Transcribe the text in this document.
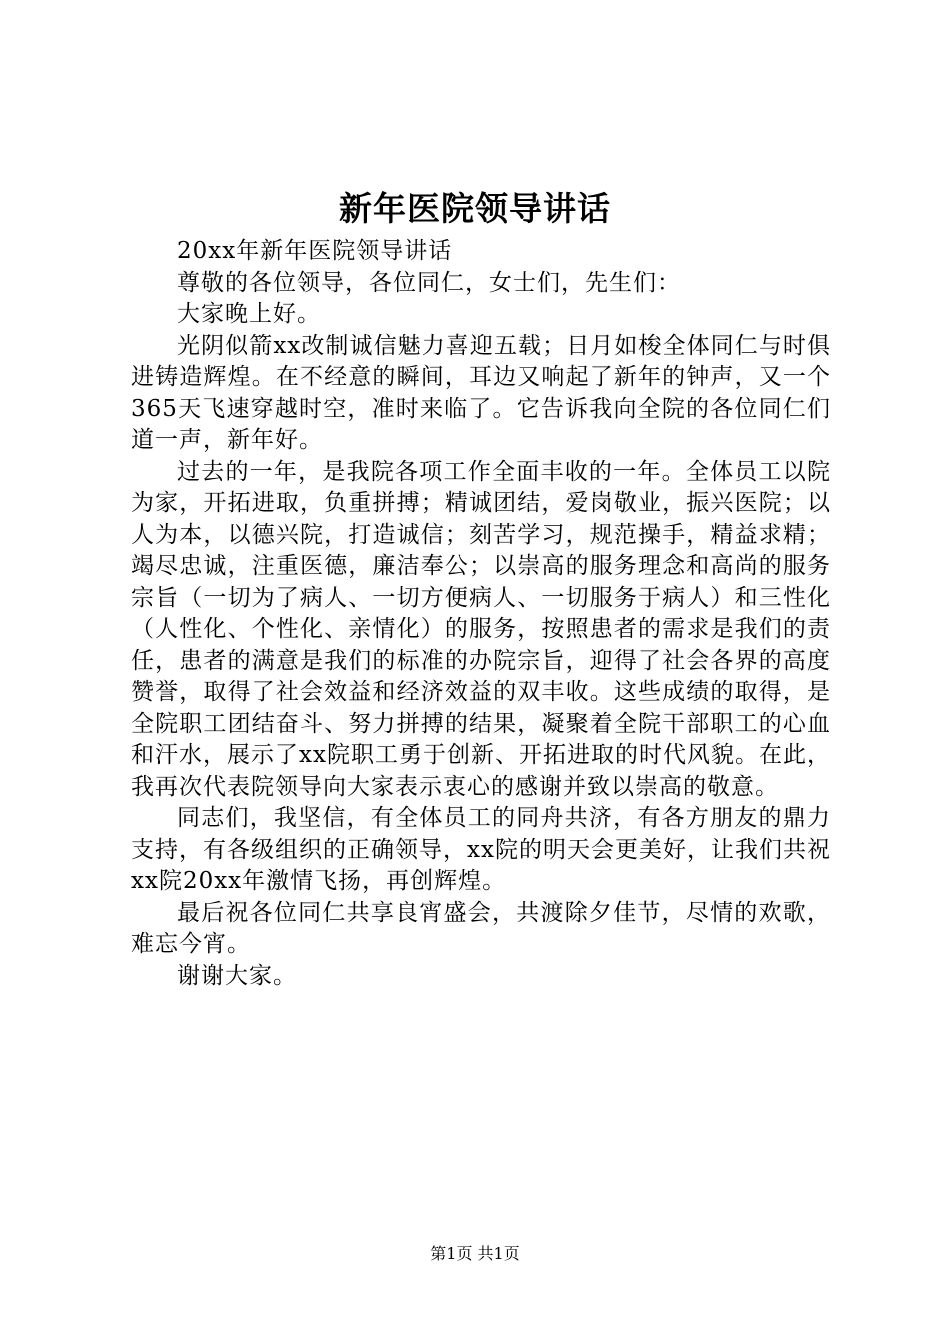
新年医院领导讲话

20xx年新年医院领导讲话

尊敬的各位领导，各位同仁，女士们，先生们：

大家晚上好。

光阴似箭xx改制诚信魅力喜迎五载；日月如梭全体同仁与时俱进铸造辉煌。在不经意的瞬间，耳边又响起了新年的钟声，又一个365天飞速穿越时空，准时来临了。它告诉我向全院的各位同仁们道一声，新年好。

过去的一年，是我院各项工作全面丰收的一年。全体员工以院为家，开拓进取，负重拼搏；精诚团结，爱岗敬业，振兴医院；以人为本，以德兴院，打造诚信；刻苦学习，规范操手，精益求精；竭尽忠诚，注重医德，廉洁奉公；以崇高的服务理念和高尚的服务宗旨（一切为了病人、一切方便病人、一切服务于病人）和三性化（人性化、个性化、亲情化）的服务，按照患者的需求是我们的责任，患者的满意是我们的标准的办院宗旨，迎得了社会各界的高度赞誉，取得了社会效益和经济效益的双丰收。这些成绩的取得，是全院职工团结奋斗、努力拼搏的结果，凝聚着全院干部职工的心血和汗水，展示了xx院职工勇于创新、开拓进取的时代风貌。在此，我再次代表院领导向大家表示衷心的感谢并致以崇高的敬意。

同志们，我坚信，有全体员工的同舟共济，有各方朋友的鼎力支持，有各级组织的正确领导，xx院的明天会更美好，让我们共祝xx院20xx年激情飞扬，再创辉煌。

最后祝各位同仁共享良宵盛会，共渡除夕佳节，尽情的欢歌，难忘今宵。

谢谢大家。

第1页 共1页
